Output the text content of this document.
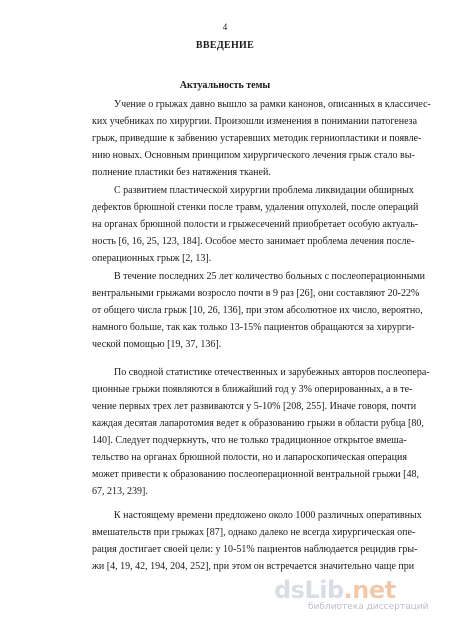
4
ВВЕДЕНИЕ
Актуальность темы
Учение о грыжах давно вышло за рамки канонов, описанных в классичес-
ких учебниках по хирургии. Произошли изменения в понимании патогенеза
грыж, приведшие к забвению устаревших методик герниопластики и появле-
нию новых. Основным принципом хирургического лечения грыж стало вы-
полнение пластики без натяжения тканей.
С развитием пластической хирургии проблема ликвидации обширных
дефектов брюшной стенки после травм, удаления опухолей, после операций
на органах брюшной полости и грыжесечений приобретает особую актуаль-
ность [6, 16, 25, 123, 184]. Особое место занимает проблема лечения после-
операционных грыж [2, 13].
В течение последних 25 лет количество больных с послеоперационными
вентральными грыжами возросло почти в 9 раз [26], они составляют 20-22%
от общего числа грыж [10, 26, 136], при этом абсолютное их число, вероятно,
намного больше, так как только 13-15% пациентов обращаются за хирурги-
ческой помощью [19, 37, 136].
По сводной статистике отечественных и зарубежных авторов послеопера-
ционные грыжи появляются в ближайший год у 3% оперированных, а в те-
чение первых трех лет развиваются у 5-10% [208, 255]. Иначе говоря, почти
каждая десятая лапаротомия ведет к образованию грыжи в области рубца [80,
140]. Следует подчеркнуть, что не только традиционное открытое вмеша-
тельство на органах брюшной полости, но и лапароскопическая операция
может привести к образованию послеоперационной вентральной грыжи [48,
67, 213, 239].
К настоящему времени предложено около 1000 различных оперативных
вмешательств при грыжах [87], однако далеко не всегда хирургическая опе-
рация достигает своей цели: у 10-51% пациентов наблюдается рецидив гры-
жи [4, 19, 42, 194, 204, 252], при этом он встречается значительно чаще при
dsLib.net
библиотека диссертаций
